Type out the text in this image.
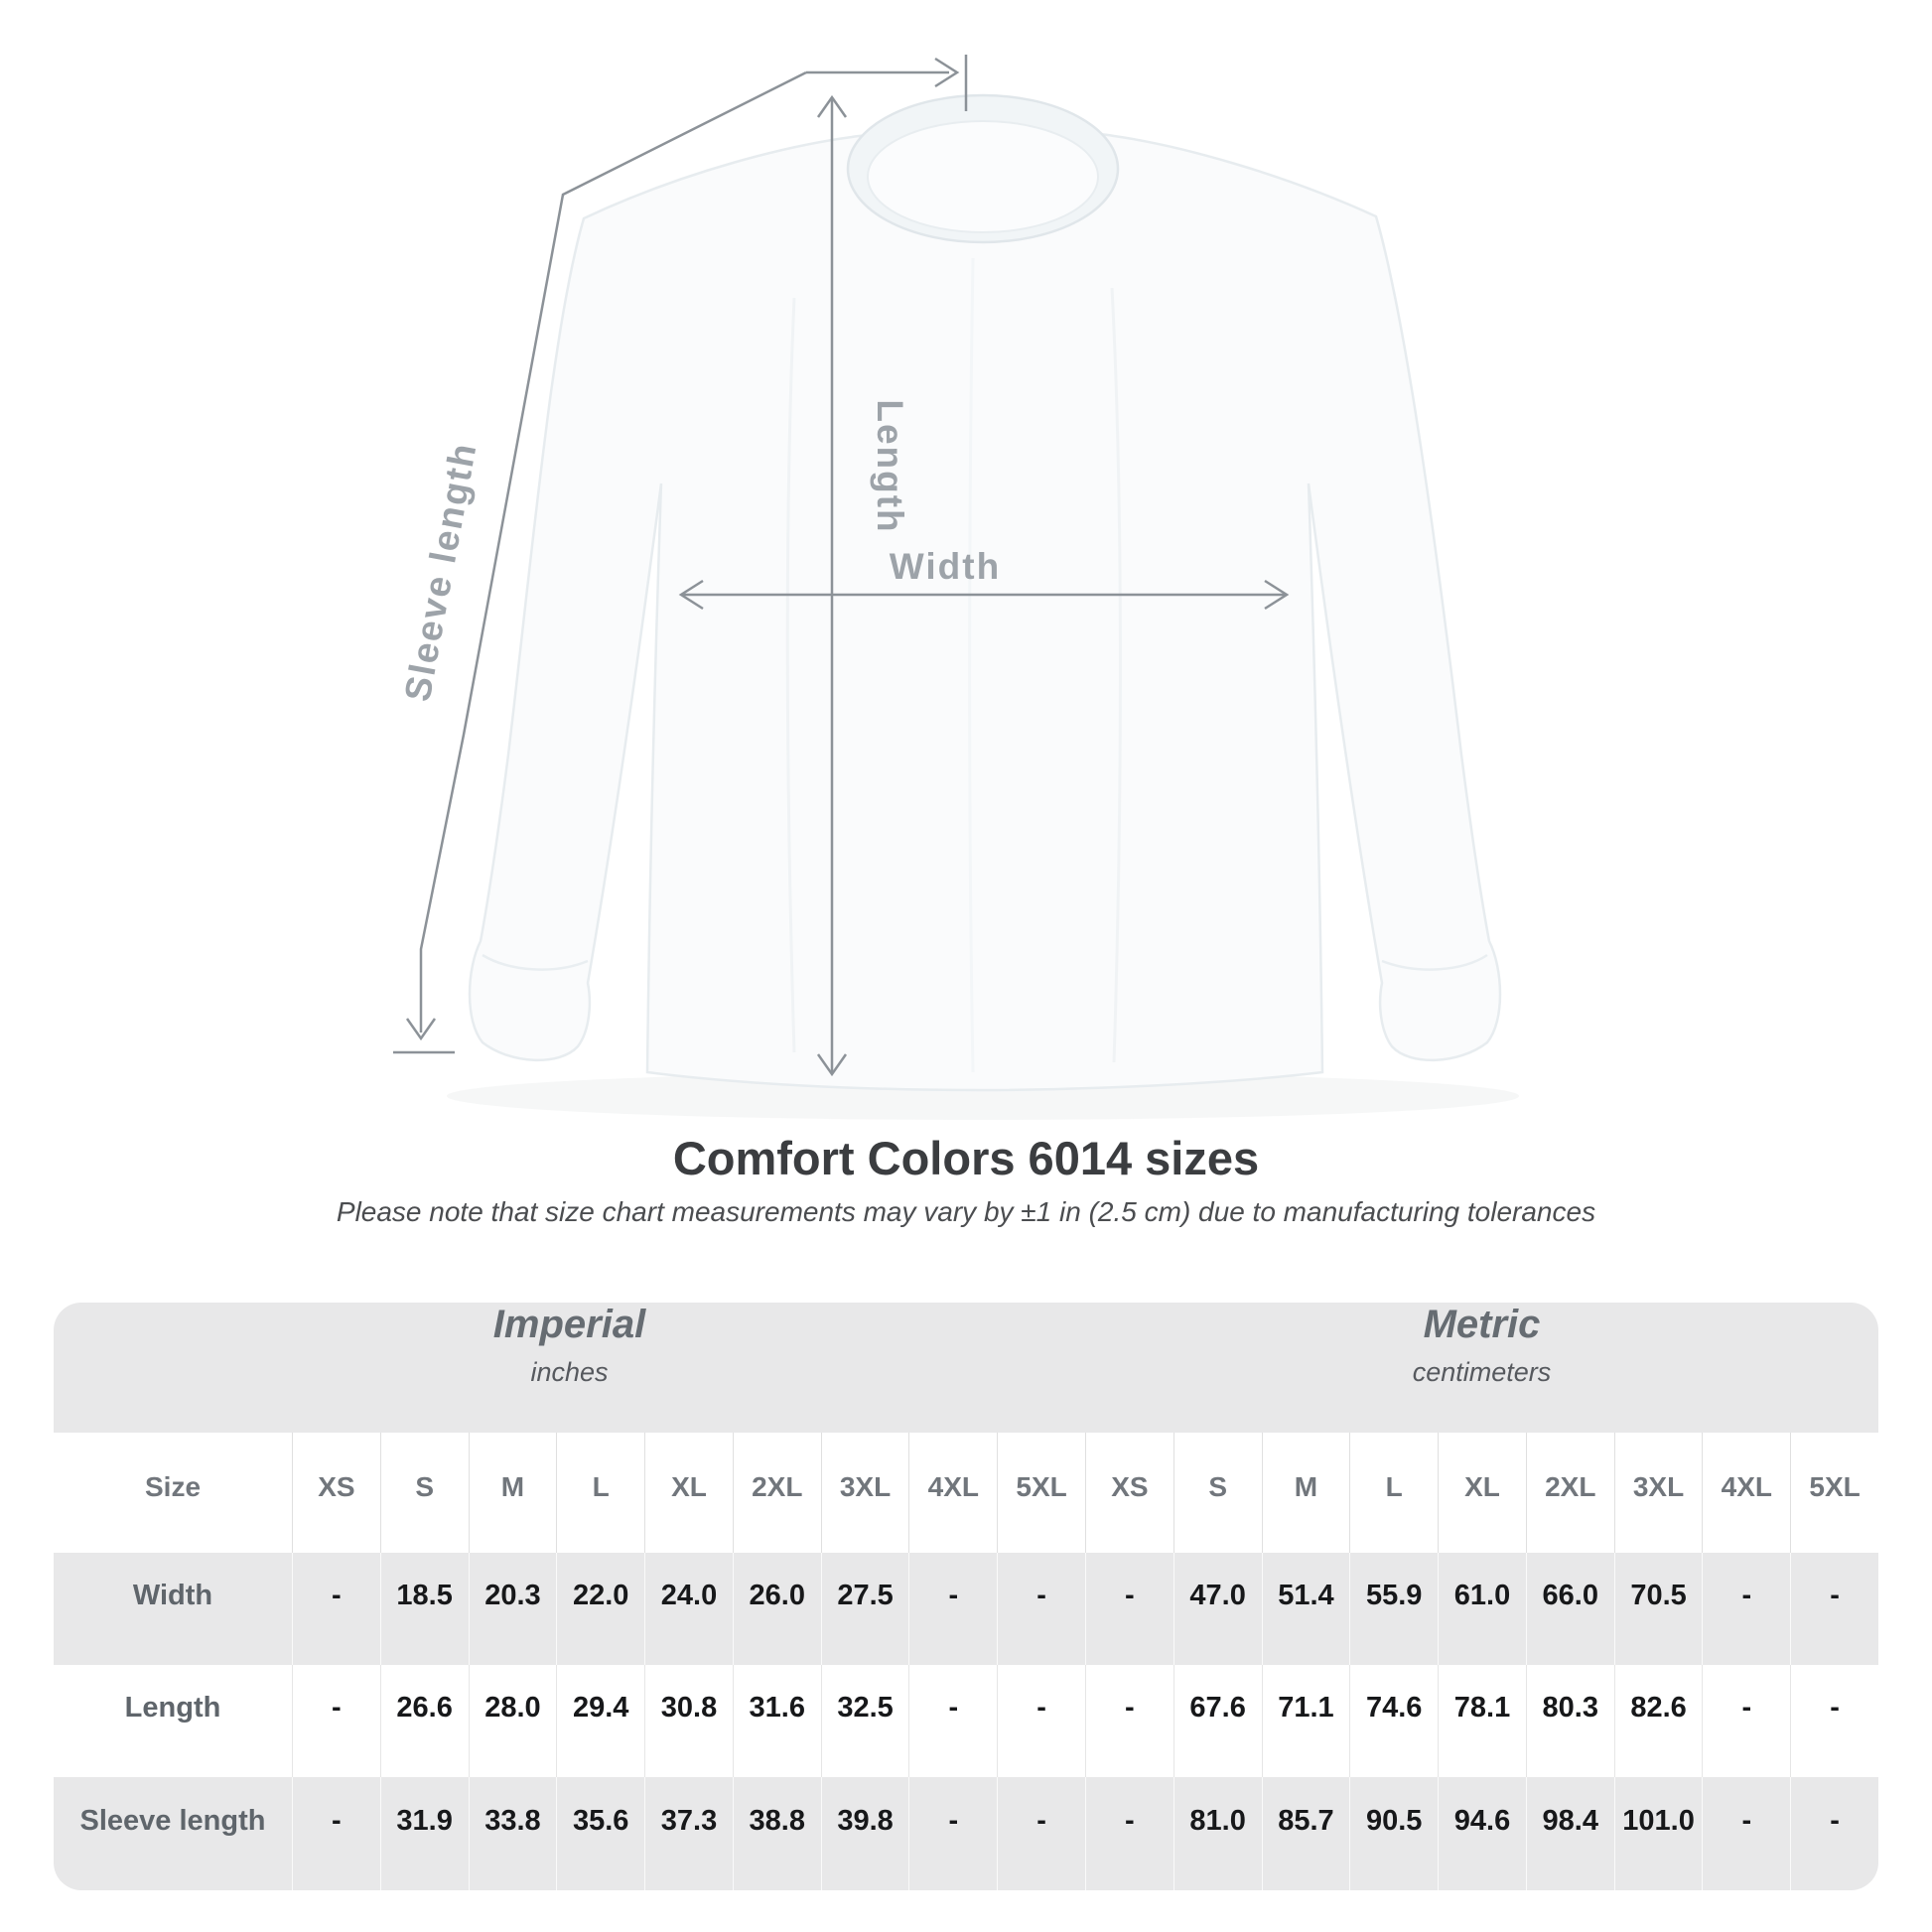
Sleeve length	Length
Width
Comfort Colors 6014 sizes

Please note that size chart measurements may vary by ±1 in (2.5 cm) due to manufacturing tolerances

Imperial
inches
Metric
centimeters
Size	XS	S	M	L	XL	2XL	3XL	4XL	5XL	XS	S	M	L	XL	2XL	3XL	4XL	5XL
Width	-	18.5	20.3	22.0	24.0	26.0	27.5	-	-	-	47.0	51.4	55.9	61.0	66.0	70.5	-	-
Length	-	26.6	28.0	29.4	30.8	31.6	32.5	-	-	-	67.6	71.1	74.6	78.1	80.3	82.6	-	-
Sleeve length	-	31.9	33.8	35.6	37.3	38.8	39.8	-	-	-	81.0	85.7	90.5	94.6	98.4 101.0	-	-
